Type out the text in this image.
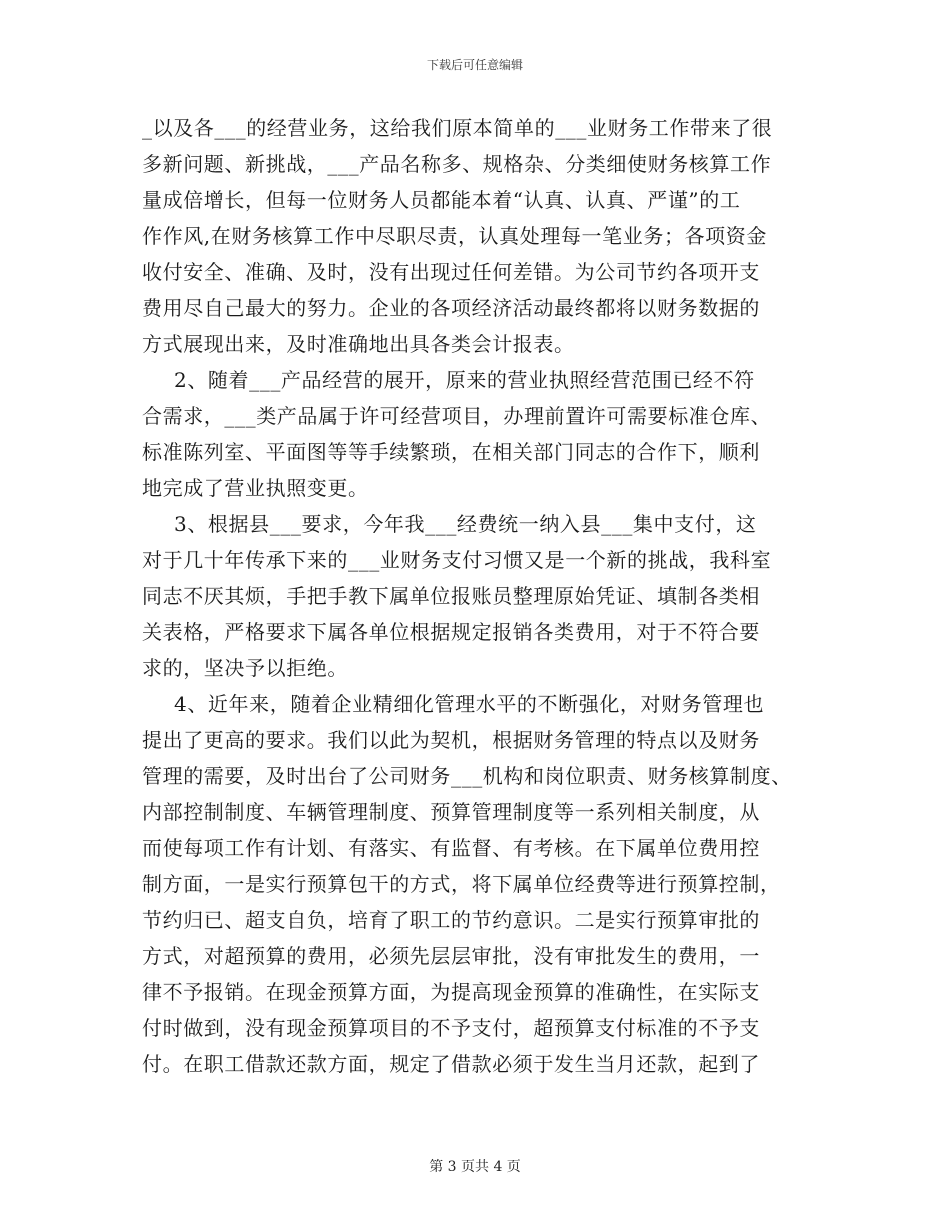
下载后可任意编辑
_以及各___的经营业务，这给我们原本简单的___业财务工作带来了很
多新问题、新挑战，___产品名称多、规格杂、分类细使财务核算工作
量成倍增长，但每一位财务人员都能本着“认真、认真、严谨”的工
作作风,在财务核算工作中尽职尽责，认真处理每一笔业务；各项资金
收付安全、准确、及时，没有出现过任何差错。为公司节约各项开支
费用尽自己最大的努力。企业的各项经济活动最终都将以财务数据的
方式展现出来，及时准确地出具各类会计报表。
2、随着___产品经营的展开，原来的营业执照经营范围已经不符
合需求，___类产品属于许可经营项目，办理前置许可需要标准仓库、
标准陈列室、平面图等等手续繁琐，在相关部门同志的合作下，顺利
地完成了营业执照变更。
3、根据县___要求，今年我___经费统一纳入县___集中支付，这
对于几十年传承下来的___业财务支付习惯又是一个新的挑战，我科室
同志不厌其烦，手把手教下属单位报账员整理原始凭证、填制各类相
关表格，严格要求下属各单位根据规定报销各类费用，对于不符合要
求的，坚决予以拒绝。
4、近年来，随着企业精细化管理水平的不断强化，对财务管理也
提出了更高的要求。我们以此为契机，根据财务管理的特点以及财务
管理的需要，及时出台了公司财务___机构和岗位职责、财务核算制度、
内部控制制度、车辆管理制度、预算管理制度等一系列相关制度，从
而使每项工作有计划、有落实、有监督、有考核。在下属单位费用控
制方面，一是实行预算包干的方式，将下属单位经费等进行预算控制，
节约归已、超支自负，培育了职工的节约意识。二是实行预算审批的
方式，对超预算的费用，必须先层层审批，没有审批发生的费用，一
律不予报销。在现金预算方面，为提高现金预算的准确性，在实际支
付时做到，没有现金预算项目的不予支付，超预算支付标准的不予支
付。在职工借款还款方面，规定了借款必须于发生当月还款，起到了
第 3 页共 4 页
